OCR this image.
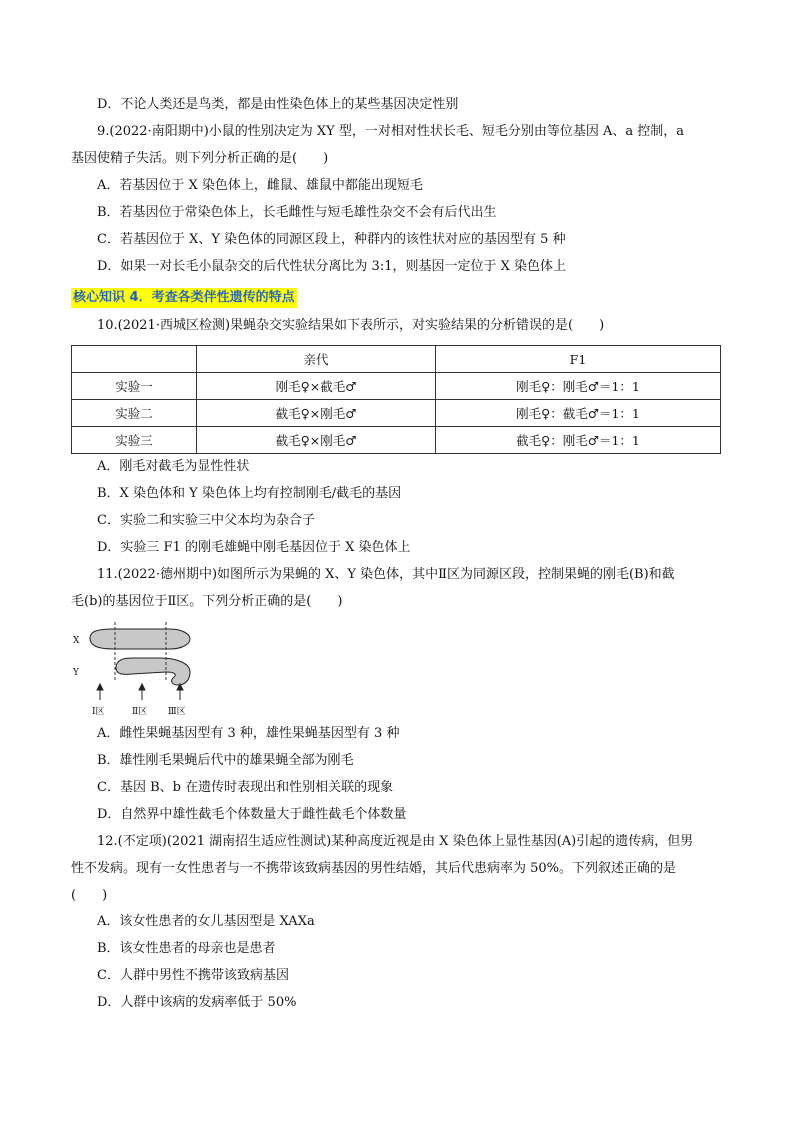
D．不论人类还是鸟类，都是由性染色体上的某些基因决定性别
9.(2022·南阳期中)小鼠的性别决定为 XY 型，一对相对性状长毛、短毛分别由等位基因 A、a 控制，a
基因使精子失活。则下列分析正确的是(　　)
A．若基因位于 X 染色体上，雌鼠、雄鼠中都能出现短毛
B．若基因位于常染色体上，长毛雌性与短毛雄性杂交不会有后代出生
C．若基因位于 X、Y 染色体的同源区段上，种群内的该性状对应的基因型有 5 种
D．如果一对长毛小鼠杂交的后代性状分离比为 3:1，则基因一定位于 X 染色体上
核心知识 4．考查各类伴性遗传的特点
10.(2021·西城区检测)果蝇杂交实验结果如下表所示，对实验结果的分析错误的是(　　)
	亲代	F1
实验一	刚毛♀×截毛♂	刚毛♀：刚毛♂＝1：1
实验二	截毛♀×刚毛♂	刚毛♀：截毛♂＝1：1
实验三	截毛♀×刚毛♂	截毛♀：刚毛♂＝1：1
A．刚毛对截毛为显性性状
B．X 染色体和 Y 染色体上均有控制刚毛/截毛的基因
C．实验二和实验三中父本均为杂合子
D．实验三 F1 的刚毛雄蝇中刚毛基因位于 X 染色体上
11.(2022·德州期中)如图所示为果蝇的 X、Y 染色体，其中Ⅱ区为同源区段，控制果蝇的刚毛(B)和截
毛(b)的基因位于Ⅱ区。下列分析正确的是(　　)
X
Y
Ⅰ区	Ⅱ区 Ⅲ区
A．雌性果蝇基因型有 3 种，雄性果蝇基因型有 3 种
B．雄性刚毛果蝇后代中的雄果蝇全部为刚毛
C．基因 B、b 在遗传时表现出和性别相关联的现象
D．自然界中雄性截毛个体数量大于雌性截毛个体数量
12.(不定项)(2021 湖南招生适应性测试)某种高度近视是由 X 染色体上显性基因(A)引起的遗传病，但男
性不发病。现有一女性患者与一不携带该致病基因的男性结婚，其后代患病率为 50%。下列叙述正确的是
(　　)
A．该女性患者的女儿基因型是 XAXa
B．该女性患者的母亲也是患者
C．人群中男性不携带该致病基因
D．人群中该病的发病率低于 50%
